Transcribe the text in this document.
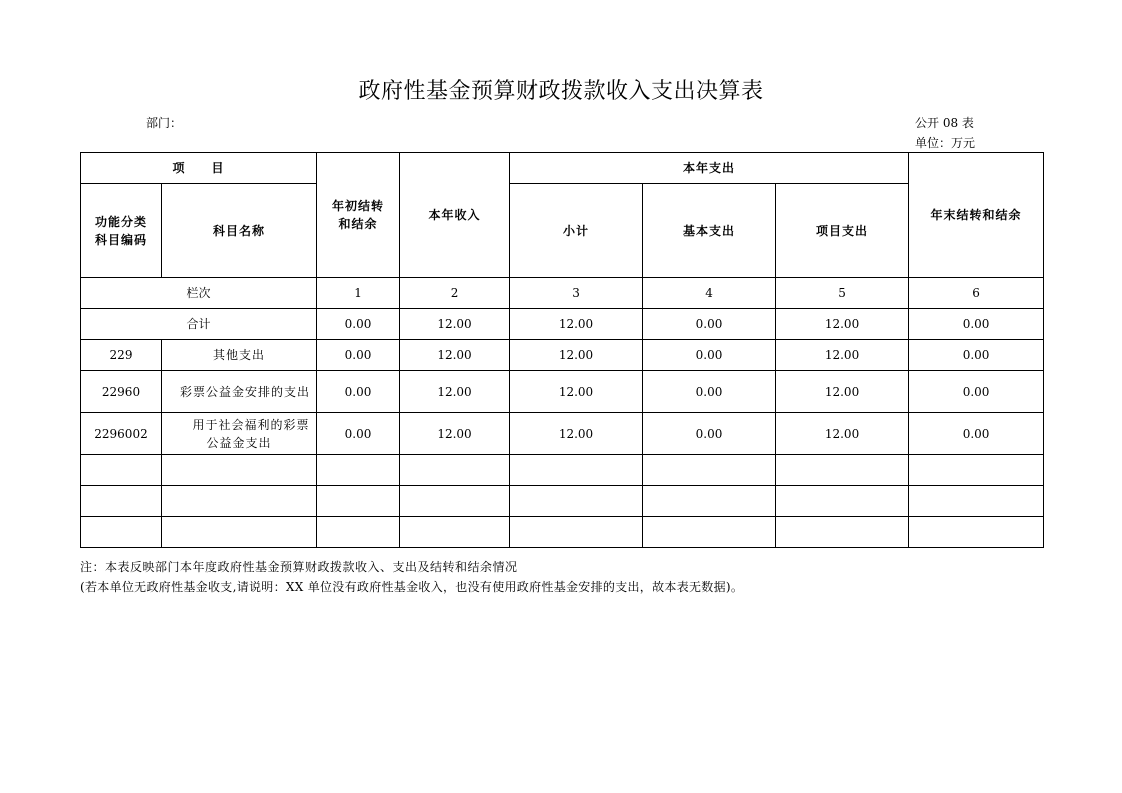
政府性基金预算财政拨款收入支出决算表
部门：	公开 08 表
单位：万元
项　　目		年初结转和结余	本年收入	本年支出			年末结转和结余
功能分类科目编码	科目名称			小计	基本支出	项目支出	
栏次		1	2	3	4	5	6
合计		0.00	12.00	12.00	0.00	12.00	0.00
229	其他支出	0.00	12.00	12.00	0.00	12.00	0.00
22960	彩票公益金安排的支出	0.00	12.00	12.00	0.00	12.00	0.00
2296002	用于社会福利的彩票公益金支出	0.00	12.00	12.00	0.00	12.00	0.00

注：本表反映部门本年度政府性基金预算财政拨款收入、支出及结转和结余情况
(若本单位无政府性基金收支,请说明：XX 单位没有政府性基金收入，也没有使用政府性基金安排的支出，故本表无数据)。
